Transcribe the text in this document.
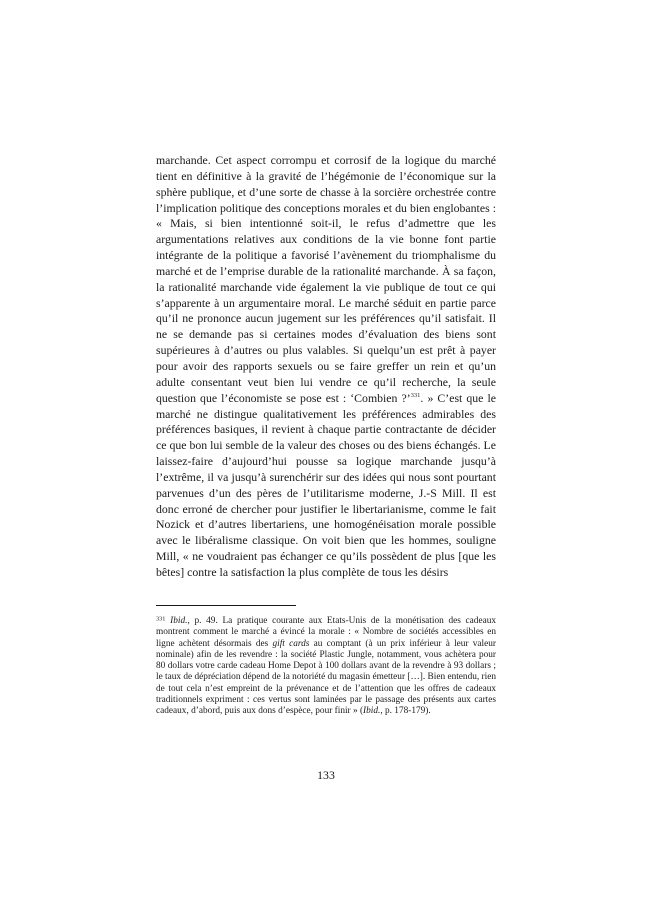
marchande. Cet aspect corrompu et corrosif de la logique du marché tient en définitive à la gravité de l’hégémonie de l’économique sur la sphère publique, et d’une sorte de chasse à la sorcière orchestrée contre l’implication politique des conceptions morales et du bien englobantes : « Mais, si bien intentionné soit-il, le refus d’admettre que les argumentations relatives aux conditions de la vie bonne font partie intégrante de la politique a favorisé l’avènement du triomphalisme du marché et de l’emprise durable de la rationalité marchande. À sa façon, la rationalité marchande vide également la vie publique de tout ce qui s’apparente à un argumentaire moral. Le marché séduit en partie parce qu’il ne prononce aucun jugement sur les préférences qu’il satisfait. Il ne se demande pas si certaines modes d’évaluation des biens sont supérieures à d’autres ou plus valables. Si quelqu’un est prêt à payer pour avoir des rapports sexuels ou se faire greffer un rein et qu’un adulte consentant veut bien lui vendre ce qu’il recherche, la seule question que l’économiste se pose est : ‘Combien ?’$^{331}$. » C’est que le marché ne distingue qualitativement les préférences admirables des préférences basiques, il revient à chaque partie contractante de décider ce que bon lui semble de la valeur des choses ou des biens échangés. Le laissez-faire d’aujourd’hui pousse sa logique marchande jusqu’à l’extrême, il va jusqu’à surenchérir sur des idées qui nous sont pourtant parvenues d’un des pères de l’utilitarisme moderne, J.-S Mill. Il est donc erroné de chercher pour justifier le libertarianisme, comme le fait Nozick et d’autres libertariens, une homogénéisation morale possible avec le libéralisme classique. On voit bien que les hommes, souligne Mill, « ne voudraient pas échanger ce qu’ils possèdent de plus [que les bêtes] contre la satisfaction la plus complète de tous les désirs

$^{331}$ Ibid., p. 49. La pratique courante aux Etats-Unis de la monétisation des cadeaux montrent comment le marché a évincé la morale : « Nombre de sociétés accessibles en ligne achètent désormais des gift cards au comptant (à un prix inférieur à leur valeur nominale) afin de les revendre : la société Plastic Jungle, notamment, vous achètera pour 80 dollars votre carde cadeau Home Depot à 100 dollars avant de la revendre à 93 dollars ; le taux de dépréciation dépend de la notoriété du magasin émetteur […]. Bien entendu, rien de tout cela n’est empreint de la prévenance et de l’attention que les offres de cadeaux traditionnels expriment : ces vertus sont laminées par le passage des présents aux cartes cadeaux, d’abord, puis aux dons d’espèce, pour finir » (Ibid., p. 178-179).

133
